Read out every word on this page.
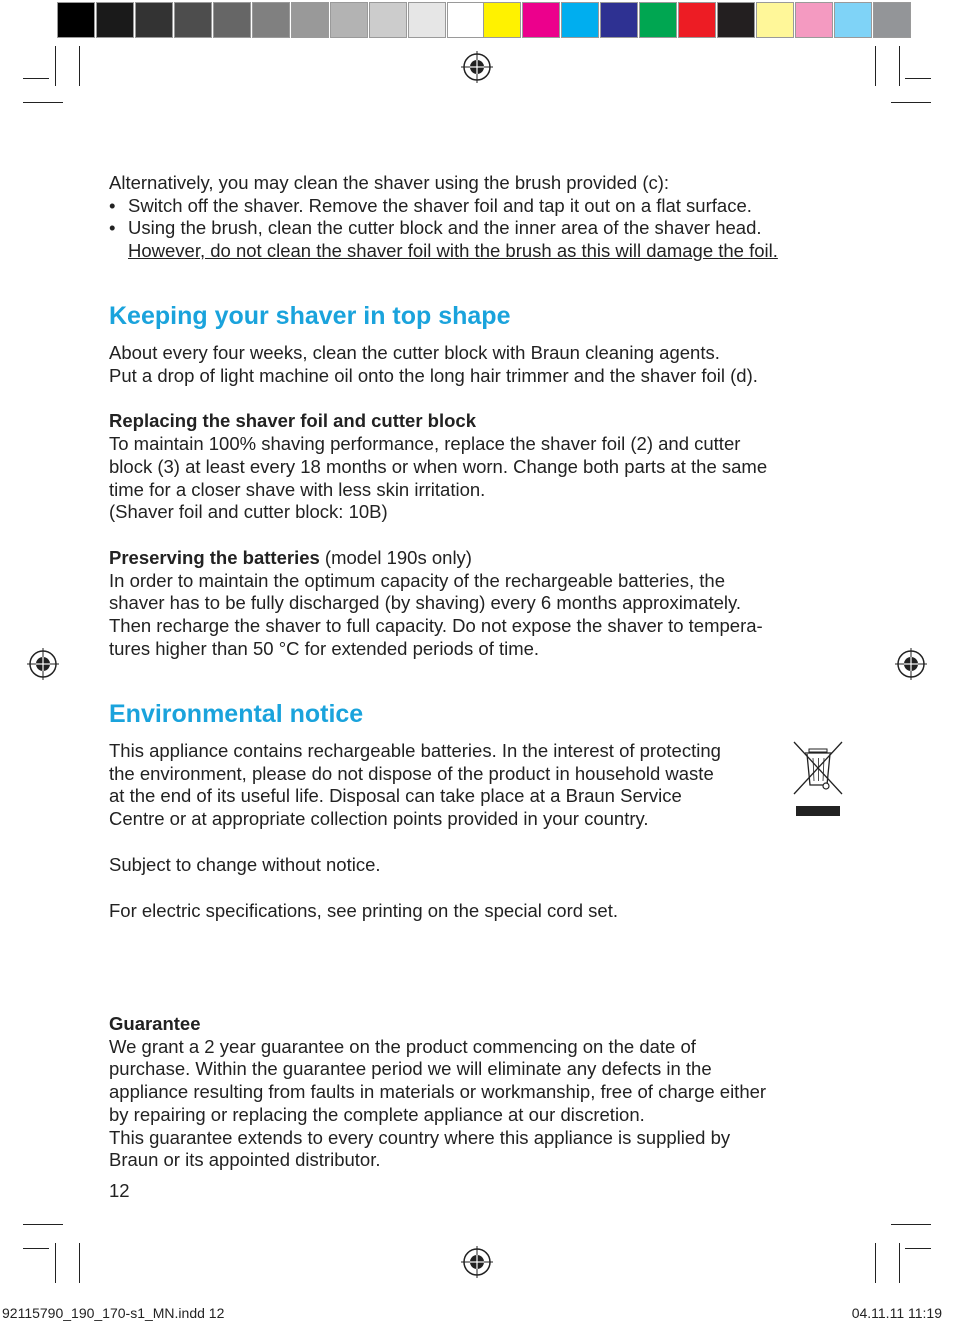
Alternatively, you may clean the shaver using the brush provided (c):
• Switch off the shaver. Remove the shaver foil and tap it out on a flat surface.
• Using the brush, clean the cutter block and the inner area of the shaver head.
However, do not clean the shaver foil with the brush as this will damage the foil.
Keeping your shaver in top shape
About every four weeks, clean the cutter block with Braun cleaning agents.
Put a drop of light machine oil onto the long hair trimmer and the shaver foil (d).
Replacing the shaver foil and cutter block
To maintain 100% shaving performance, replace the shaver foil (2) and cutter
block (3) at least every 18 months or when worn. Change both parts at the same
time for a closer shave with less skin irritation.
(Shaver foil and cutter block: 10B)
Preserving the batteries (model 190s only)
In order to maintain the optimum capacity of the rechargeable batteries, the
shaver has to be fully discharged (by shaving) every 6 months approximately.
Then recharge the shaver to full capacity. Do not expose the shaver to tempera-
tures higher than 50 °C for extended periods of time.
Environmental notice
This appliance contains rechargeable batteries. In the interest of protecting
the environment, please do not dispose of the product in household waste
at the end of its useful life. Disposal can take place at a Braun Service
Centre or at appropriate collection points provided in your country.
Subject to change without notice.
For electric specifications, see printing on the special cord set.
Guarantee
We grant a 2 year guarantee on the product commencing on the date of
purchase. Within the guarantee period we will eliminate any defects in the
appliance resulting from faults in materials or workmanship, free of charge either
by repairing or replacing the complete appliance at our discretion.
This guarantee extends to every country where this appliance is supplied by
Braun or its appointed distributor.
12
92115790_190_170-s1_MN.indd 12	04.11.11 11:19
